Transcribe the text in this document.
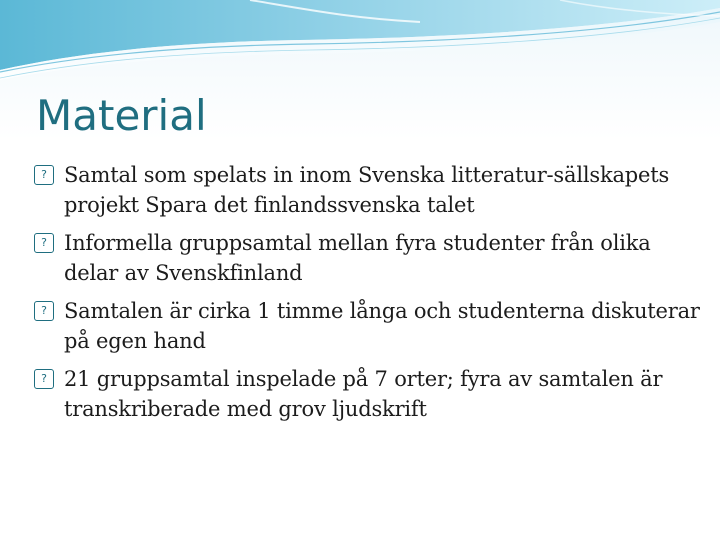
Material
? Samtal som spelats in inom Svenska litteratur-sällskapets projekt Spara det finlandssvenska talet
? Informella gruppsamtal mellan fyra studenter från olika delar av Svenskfinland
? Samtalen är cirka 1 timme långa och studenterna diskuterar på egen hand
? 21 gruppsamtal inspelade på 7 orter; fyra av samtalen är transkriberade med grov ljudskrift
